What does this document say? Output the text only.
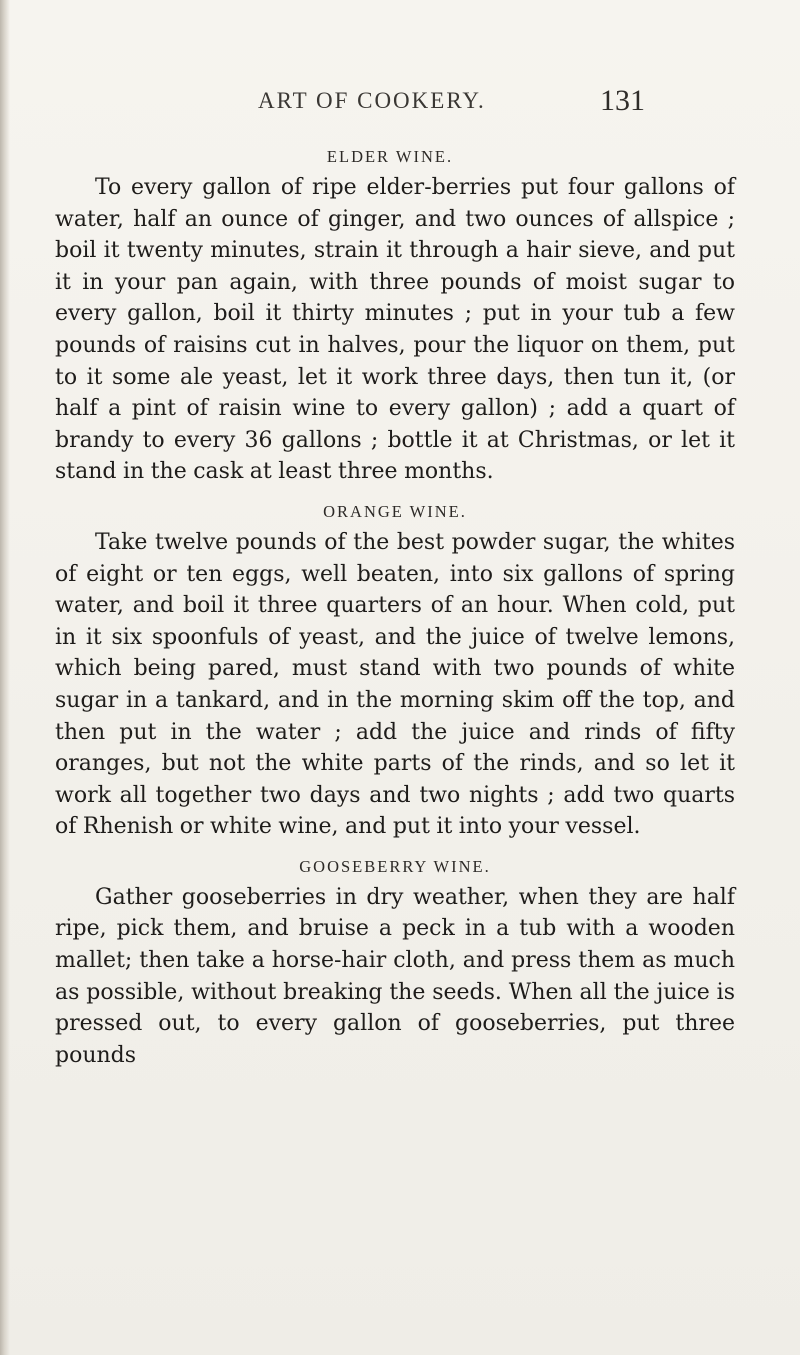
ART OF COOKERY.	131
ELDER WINE.

To every gallon of ripe elder-berries put four gallons of water, half an ounce of ginger, and two ounces of allspice ; boil it twenty minutes, strain it through a hair sieve, and put it in your pan again, with three pounds of moist sugar to every gallon, boil it thirty minutes ; put in your tub a few pounds of raisins cut in halves, pour the liquor on them, put to it some ale yeast, let it work three days, then tun it, (or half a pint of raisin wine to every gallon) ; add a quart of brandy to every 36 gallons ; bottle it at Christmas, or let it stand in the cask at least three months.

ORANGE WINE.

Take twelve pounds of the best powder sugar, the whites of eight or ten eggs, well beaten, into six gallons of spring water, and boil it three quarters of an hour. When cold, put in it six spoonfuls of yeast, and the juice of twelve lemons, which being pared, must stand with two pounds of white sugar in a tankard, and in the morning skim off the top, and then put in the water ; add the juice and rinds of fifty oranges, but not the white parts of the rinds, and so let it work all together two days and two nights ; add two quarts of Rhenish or white wine, and put it into your vessel.

GOOSEBERRY WINE.

Gather gooseberries in dry weather, when they are half ripe, pick them, and bruise a peck in a tub with a wooden mallet; then take a horse-hair cloth, and press them as much as possible, without breaking the seeds. When all the juice is pressed out, to every gallon of gooseberries, put three pounds
